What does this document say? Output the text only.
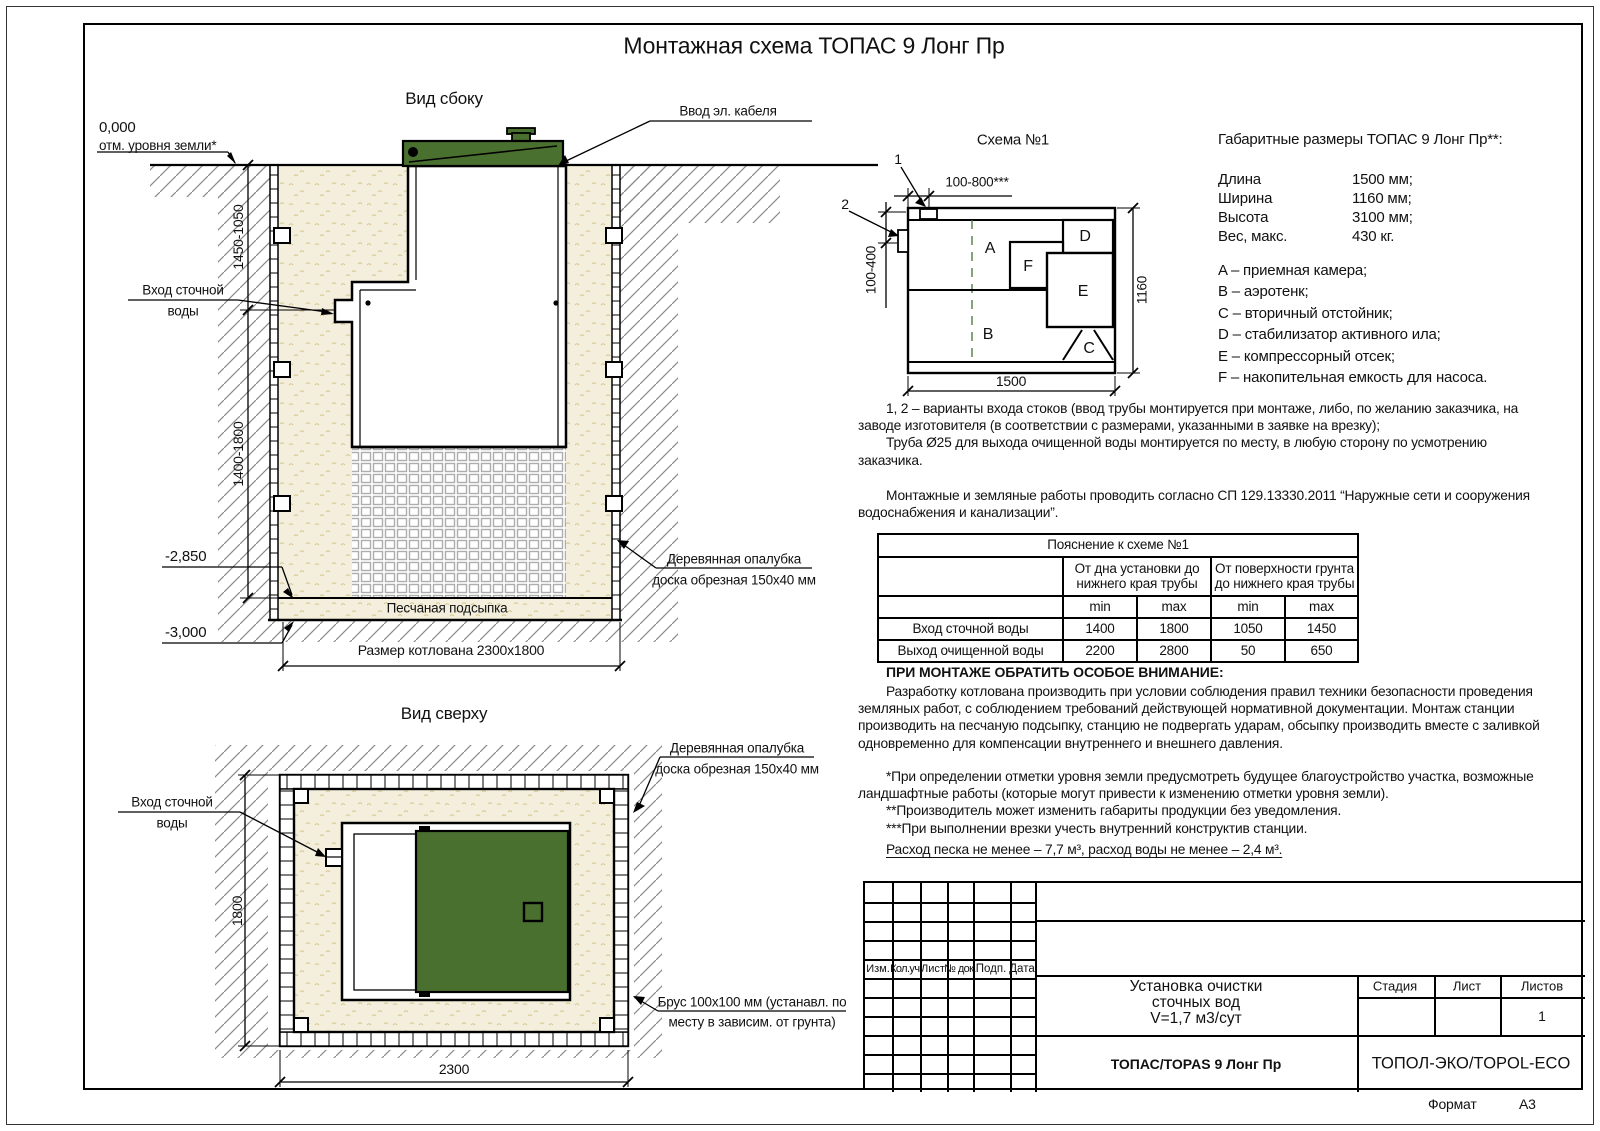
Монтажная схема ТОПАС 9 Лонг Пр
Вид сбоку
0,000
отм. уровня земли*
Ввод эл. кабеля
Вход сточной
воды
1450-1050
1400-1800
-2,850
-3,000
Песчаная подсыпка
Размер котлована 2300х1800
Деревянная опалубка
доска обрезная 150х40 мм
Вид сверху
Вход сточной
воды
Деревянная опалубка
доска обрезная 150х40 мм
Брус 100х100 мм (устанавл. по
месту в зависим. от грунта)
1800
2300
Схема №1
1
2
100-800***
100-400
1500
1160
A
B
C
D
E
F
Габаритные размеры ТОПАС 9 Лонг Пр**:
Длина	1500 мм;
Ширина	1160 мм;
Высота	3100 мм;
Вес, макс.	430 кг.

A – приемная камера;

B – аэротенк;

C – вторичный отстойник;

D – стабилизатор активного ила;

E – компрессорный отсек;

F – накопительная емкость для насоса.

1, 2 – варианты входа стоков (ввод трубы монтируется при монтаже, либо, по желанию заказчика, на заводе изготовителя (в соответствии с размерами, указанными в заявке на врезку);

Труба Ø25 для выхода очищенной воды монтируется по месту, в любую сторону по усмотрению заказчика.

Монтажные и земляные работы проводить согласно СП 129.13330.2011 “Наружные сети и сооружения водоснабжения и канализации”.

Пояснение к схеме №1				
	От дна установки до нижнего края трубы		От поверхности грунта до нижнего края трубы	
	min	max	min	max
Вход сточной воды	1400	1800	1050	1450
Выход очищенной воды	2200	2800	50	650
ПРИ МОНТАЖЕ ОБРАТИТЬ ОСОБОЕ ВНИМАНИЕ:

Разработку котлована производить при условии соблюдения правил техники безопасности проведения земляных работ, с соблюдением требований действующей нормативной документации. Монтаж станции производить на песчаную подсыпку, станцию не подвергать ударам, обсыпку производить вместе с заливкой одновременно для компенсации внутреннего и внешнего давления.

*При определении отметки уровня земли предусмотреть будущее благоустройство участка, возможные ландшафтные работы (которые могут привести к изменению отметки уровня земли).

**Производитель может изменить габариты продукции без уведомления.

***При выполнении врезки учесть внутренний конструктив станции.

Расход песка не менее – 7,7 м³, расход воды не менее – 2,4 м³.
Изм. Кол.уч. Лист № док. Подп. Дата
Установка очистки
сточных вод
V=1,7 м3/сут
ТОПАС/TOPAS 9 Лонг Пр
Стадия	Лист	Листов
1
ТОПОЛ-ЭКО/TOPOL-ECO
Формат	А3
